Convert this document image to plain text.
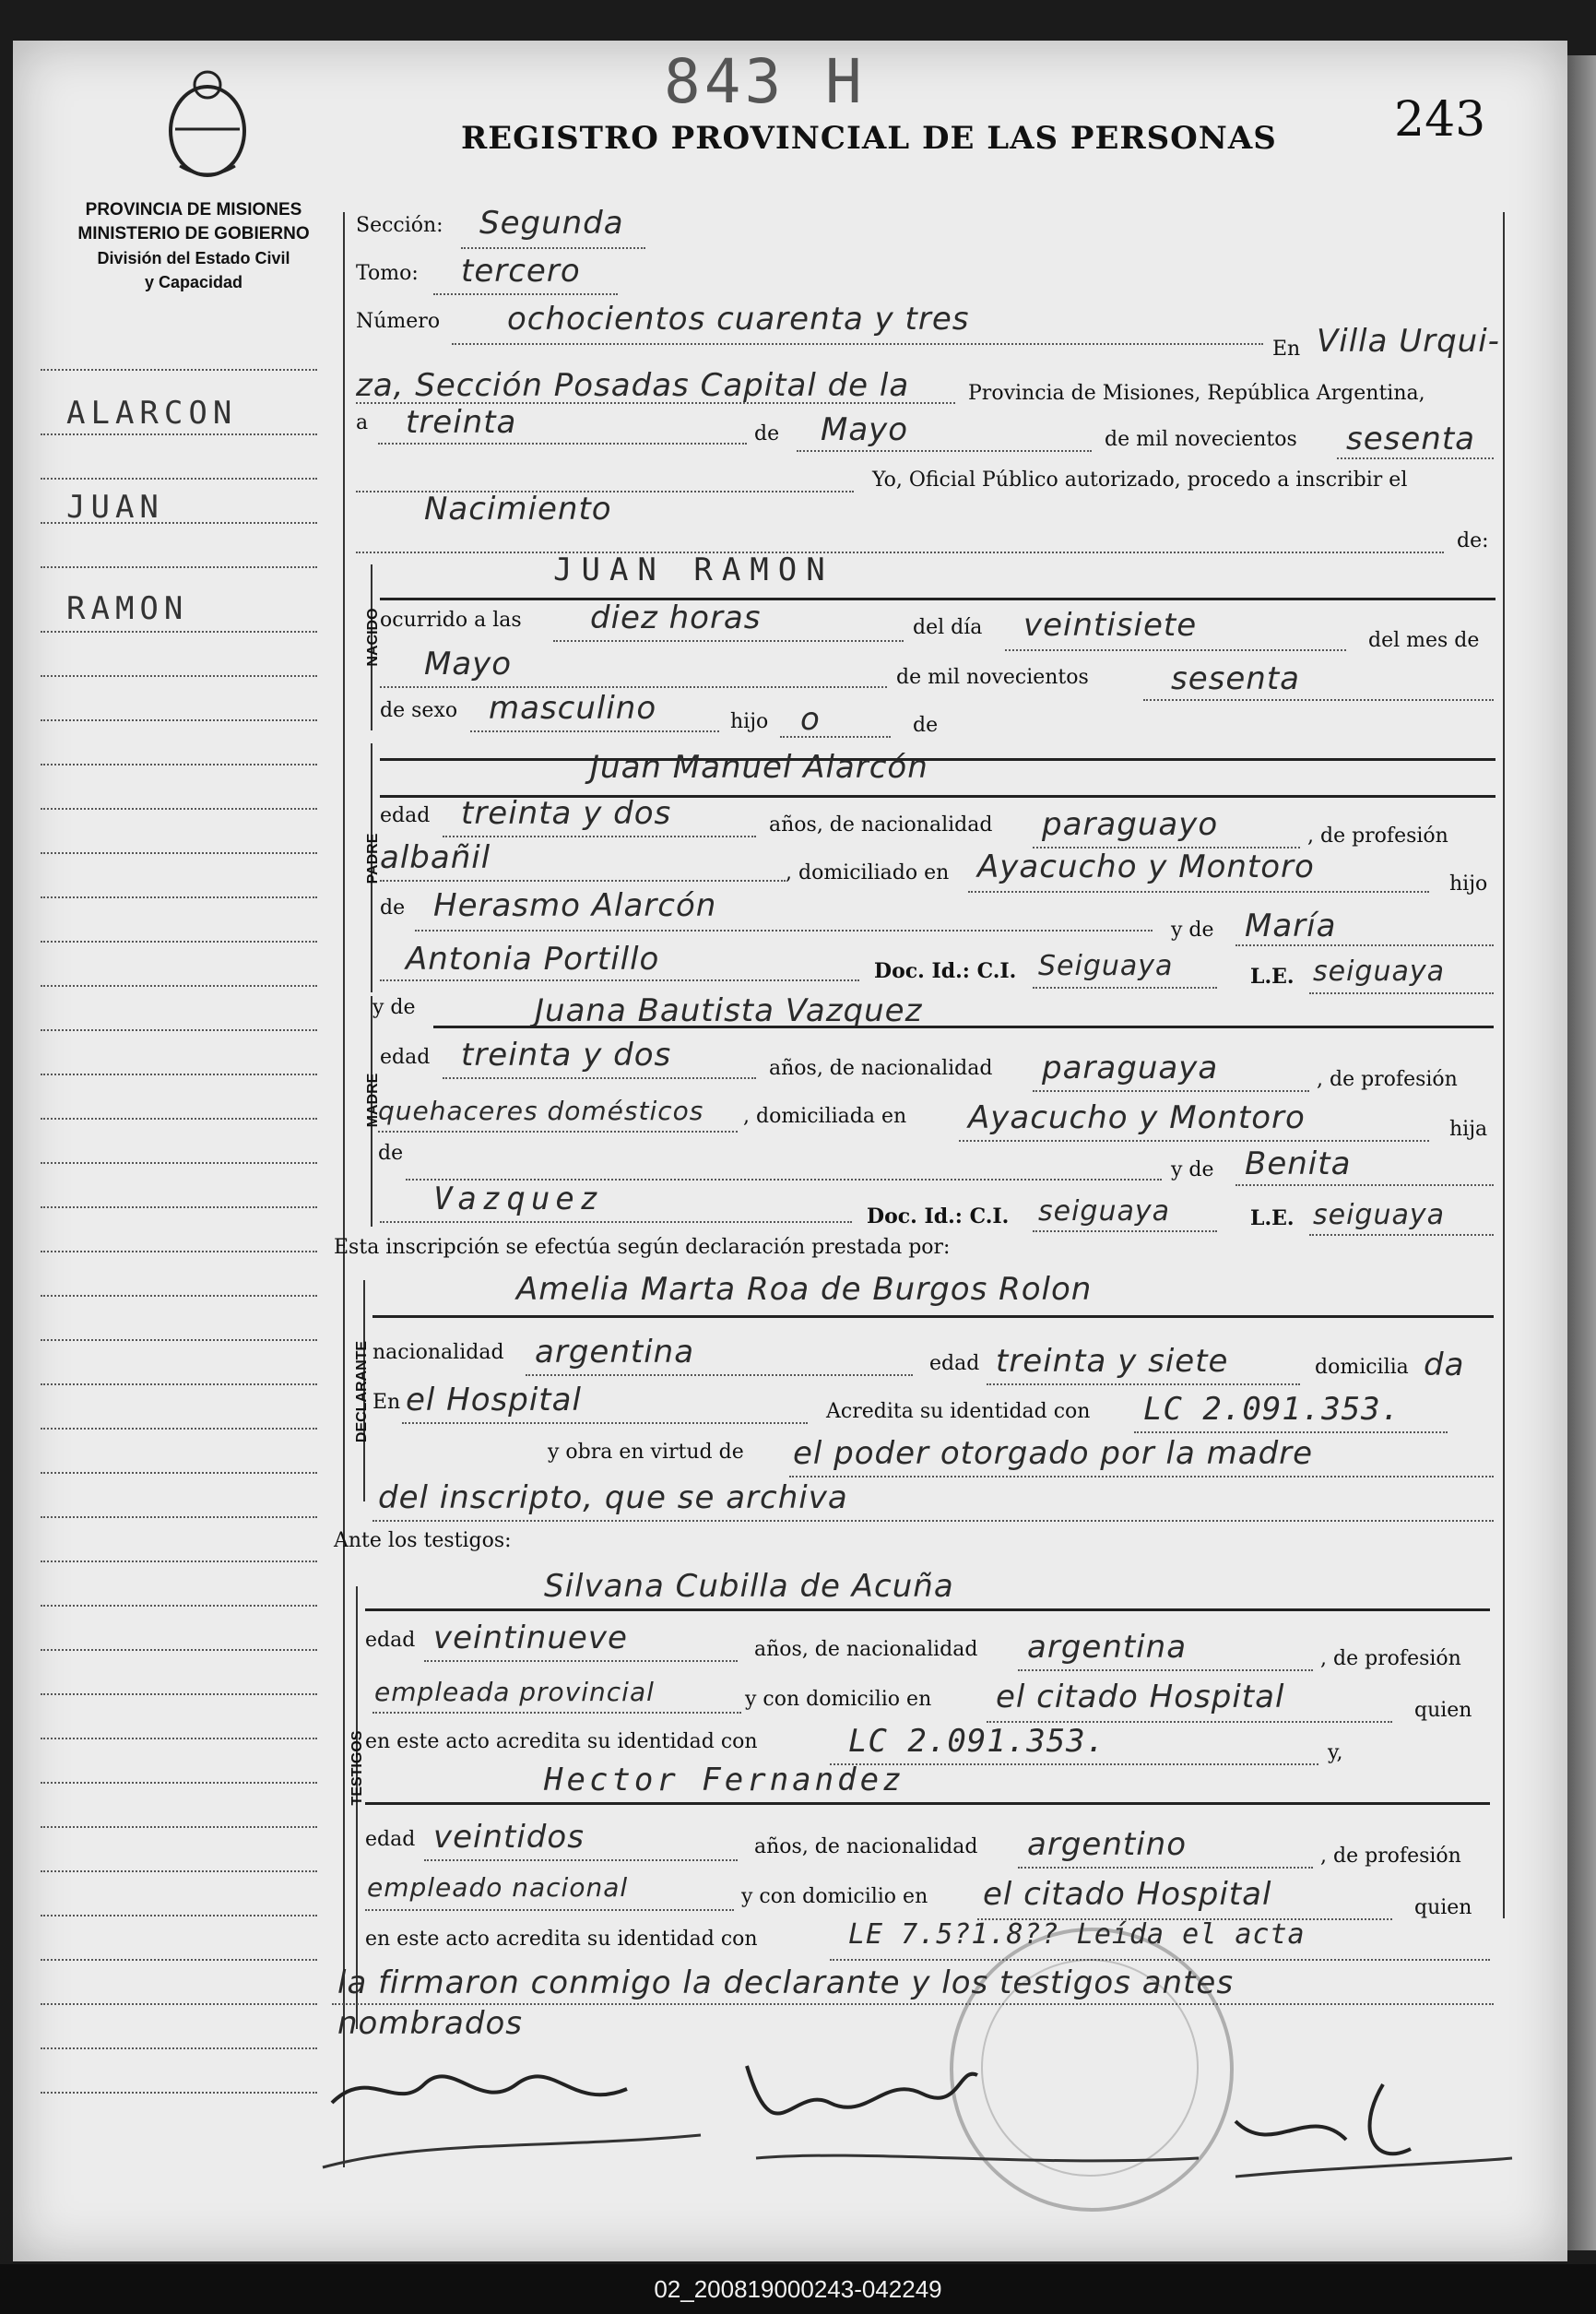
843 H
REGISTRO PROVINCIAL DE LAS PERSONAS 243
PROVINCIA DE MISIONES
MINISTERIO DE GOBIERNO
División del Estado Civil
y Capacidad
ALARCON
JUAN
RAMON
Sección: Segunda
Tomo: tercero
Número ochocientos cuarenta y tres
En Villa Urqui-
za, Sección Posadas Capital de la	Provincia de Misiones, República Argentina,
a treinta	de Mayo	de mil novecientos sesenta
Yo, Oficial Público autorizado, procedo a inscribir el
Nacimiento
de:
NACIDO
JUAN RAMON
ocurrido a las diez horas	del día veintisiete	del mes de
Mayo	de mil novecientos	sesenta
de sexo masculino	hijo o	de
PADRE
Juan Manuel Alarcón
edad treinta y dos	años, de nacionalidad paraguayo	, de profesión
albañil	, domiciliado en Ayacucho y Montoro	hijo
de Herasmo Alarcón
y de María
Antonia Portillo	Doc. Id.: C.I. Seiguaya	L.E. seiguaya
MADRE
y de	Juana Bautista Vazquez
edad treinta y dos	años, de nacionalidad paraguaya	, de profesión
quehaceres domésticos , domiciliada en Ayacucho y Montoro	hija
de
y de Benita
Vazquez	Doc. Id.: C.I. seiguaya	L.E. seiguaya
Esta inscripción se efectúa según declaración prestada por:
DECLARANTE
Amelia Marta Roa de Burgos Rolon
nacionalidad argentina	edad treinta y siete	domicilia da
En el Hospital	Acredita su identidad con LC 2.091.353.
y obra en virtud de el poder otorgado por la madre
del inscripto, que se archiva
Ante los testigos:
TESTIGOS
Silvana Cubilla de Acuña
edad veintinueve	años, de nacionalidad argentina	, de profesión
empleada provincial	y con domicilio en el citado Hospital	quien
en este acto acredita su identidad con	LC 2.091.353.	y,
Hector Fernandez
edad veintidos	años, de nacionalidad argentino	, de profesión
empleado nacional	y con domicilio en el citado Hospital	quien
en este acto acredita su identidad con	LE 7.5?1.8?? Leída el acta
la firmaron conmigo la declarante y los testigos antes
nombrados
02_200819000243-042249
